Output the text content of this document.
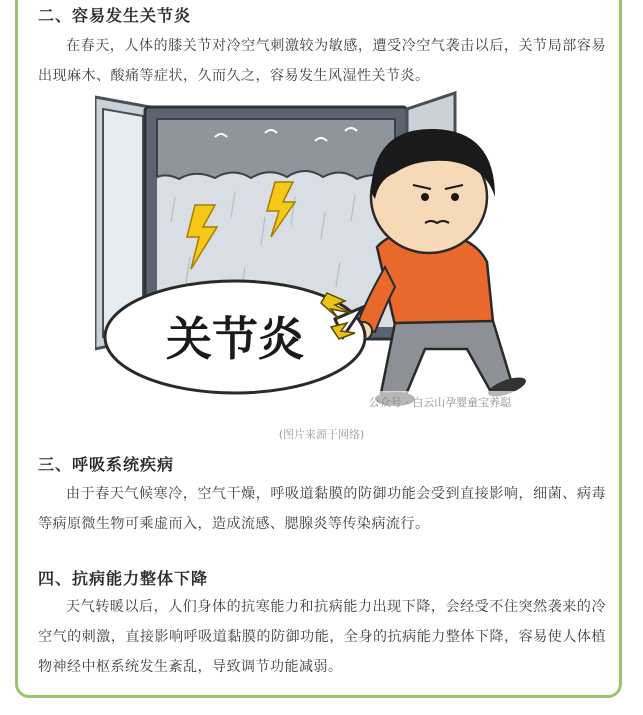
二、容易发生关节炎
在春天，人体的膝关节对冷空气刺激较为敏感，遭受冷空气袭击以后，关节局部容易出现麻木、酸痛等症状，久而久之，容易发生风湿性关节炎。
关节炎
公众号 · 白云山孕婴童宝养聪
(图片来源于网络)
三、呼吸系统疾病
由于春天气候寒冷，空气干燥，呼吸道黏膜的防御功能会受到直接影响，细菌、病毒等病原微生物可乘虚而入，造成流感、腮腺炎等传染病流行。
四、抗病能力整体下降
天气转暖以后，人们身体的抗寒能力和抗病能力出现下降，会经受不住突然袭来的冷空气的刺激，直接影响呼吸道黏膜的防御功能，全身的抗病能力整体下降，容易使人体植物神经中枢系统发生紊乱，导致调节功能减弱。
